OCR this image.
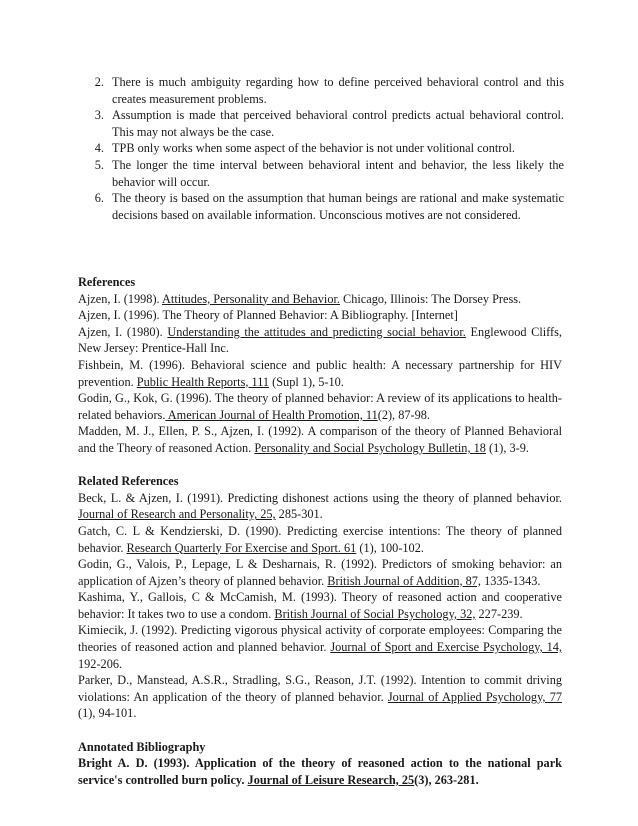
2. There is much ambiguity regarding how to define perceived behavioral control and this creates measurement problems.
3. Assumption is made that perceived behavioral control predicts actual behavioral control. This may not always be the case.
4. TPB only works when some aspect of the behavior is not under volitional control.
5. The longer the time interval between behavioral intent and behavior, the less likely the behavior will occur.
6. The theory is based on the assumption that human beings are rational and make systematic decisions based on available information. Unconscious motives are not considered.

References

Ajzen, I. (1998). Attitudes, Personality and Behavior. Chicago, Illinois: The Dorsey Press.

Ajzen, I. (1996). The Theory of Planned Behavior: A Bibliography. [Internet]

Ajzen, I. (1980). Understanding the attitudes and predicting social behavior. Englewood Cliffs, New Jersey: Prentice-Hall Inc.

Fishbein, M. (1996). Behavioral science and public health: A necessary partnership for HIV prevention. Public Health Reports, 111 (Supl 1), 5-10.

Godin, G., Kok, G. (1996). The theory of planned behavior: A review of its applications to health-related behaviors. American Journal of Health Promotion, 11(2), 87-98.

Madden, M. J., Ellen, P. S., Ajzen, I. (1992). A comparison of the theory of Planned Behavioral and the Theory of reasoned Action. Personality and Social Psychology Bulletin, 18 (1), 3-9.

Related References

Beck, L. & Ajzen, I. (1991). Predicting dishonest actions using the theory of planned behavior. Journal of Research and Personality, 25, 285-301.

Gatch, C. L & Kendzierski, D. (1990). Predicting exercise intentions: The theory of planned behavior. Research Quarterly For Exercise and Sport. 61 (1), 100-102.

Godin, G., Valois, P., Lepage, L & Desharnais, R. (1992). Predictors of smoking behavior: an application of Ajzen’s theory of planned behavior. British Journal of Addition, 87, 1335-1343.

Kashima, Y., Gallois, C & McCamish, M. (1993). Theory of reasoned action and cooperative behavior: It takes two to use a condom. British Journal of Social Psychology, 32, 227-239.

Kimiecik, J. (1992). Predicting vigorous physical activity of corporate employees: Comparing the theories of reasoned action and planned behavior. Journal of Sport and Exercise Psychology, 14, 192-206.

Parker, D., Manstead, A.S.R., Stradling, S.G., Reason, J.T. (1992). Intention to commit driving violations: An application of the theory of planned behavior. Journal of Applied Psychology, 77 (1), 94-101.

Annotated Bibliography

Bright A. D. (1993). Application of the theory of reasoned action to the national park service's controlled burn policy. Journal of Leisure Research, 25(3), 263-281.
